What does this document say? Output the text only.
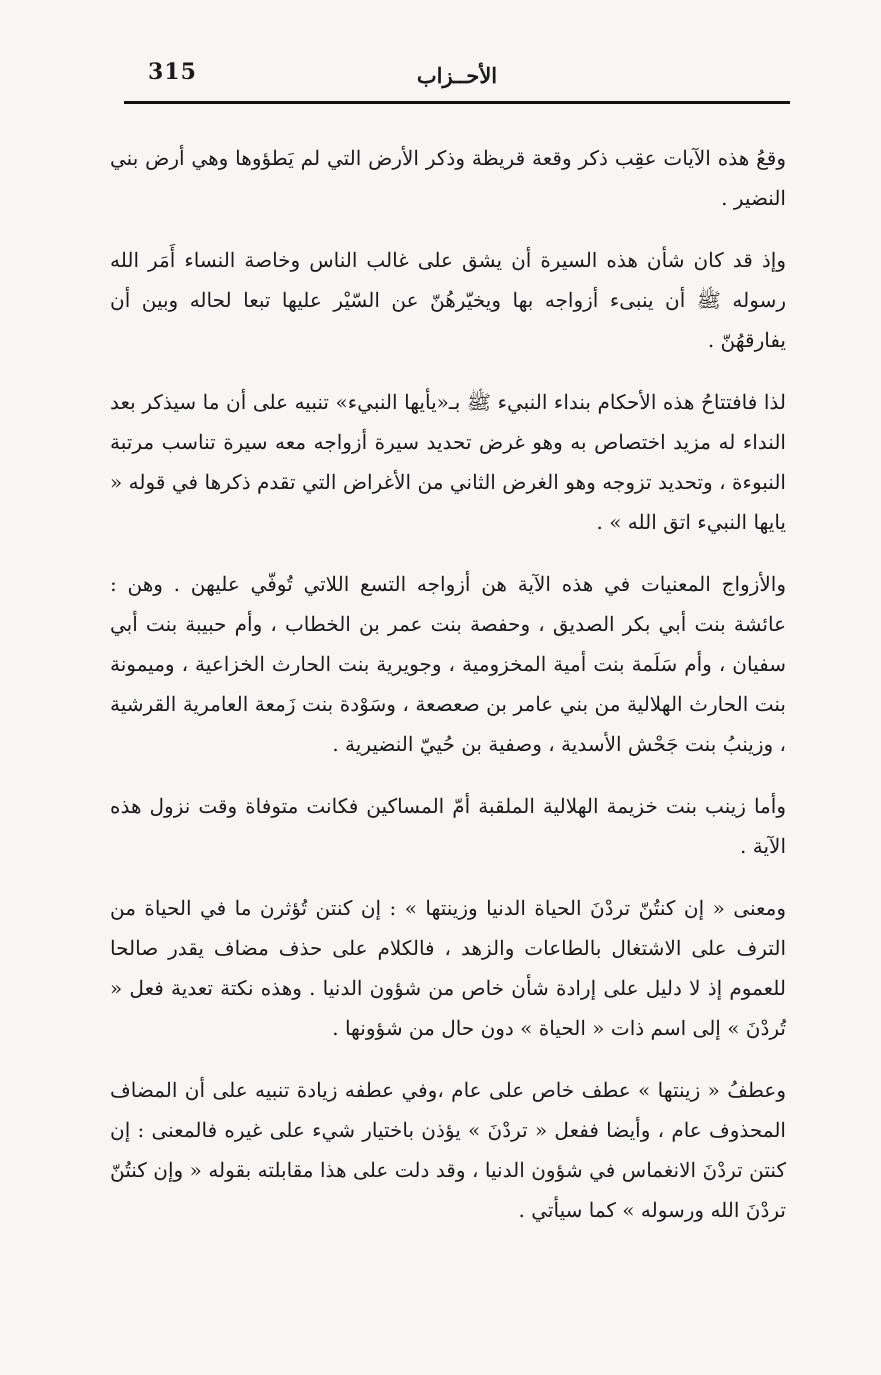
315	الأحــزاب

وقعُ هذه الآيات عقِب ذكر وقعة قريظة وذكر الأرض التي لم يَطؤوها وهي أرض بني النضير .

وإذ قد كان شأن هذه السيرة أن يشق على غالب الناس وخاصة النساء أَمَر الله رسوله ﷺ أن ينبىء أزواجه بها ويخيّرهُنّ عن السّيْر عليها تبعا لحاله وبين أن يفارقهُنّ .

لذا فافتتاحُ هذه الأحكام بنداء النبيء ﷺ بـ«يأيها النبيء» تنبيه على أن ما سيذكر بعد النداء له مزيد اختصاص به وهو غرض تحديد سيرة أزواجه معه سيرة تناسب مرتبة النبوءة ، وتحديد تزوجه وهو الغرض الثاني من الأغراض التي تقدم ذكرها في قوله « يايها النبيء اتق الله » .

والأزواج المعنيات في هذه الآية هن أزواجه التسع اللاتي تُوفّي عليهن . وهن : عائشة بنت أبي بكر الصديق ، وحفصة بنت عمر بن الخطاب ، وأم حبيبة بنت أبي سفيان ، وأم سَلَمة بنت أمية المخزومية ، وجويرية بنت الحارث الخزاعية ، وميمونة بنت الحارث الهلالية من بني عامر بن صعصعة ، وسَوْدة بنت زَمعة العامرية القرشية ، وزينبُ بنت جَحْش الأسدية ، وصفية بن حُييّ النضيرية .

وأما زينب بنت خزيمة الهلالية الملقبة أمّ المساكين فكانت متوفاة وقت نزول هذه الآية .

ومعنى « إن كنتُنّ تردْنَ الحياة الدنيا وزينتها » : إن كنتن تُؤثرن ما في الحياة من الترف على الاشتغال بالطاعات والزهد ، فالكلام على حذف مضاف يقدر صالحا للعموم إذ لا دليل على إرادة شأن خاص من شؤون الدنيا . وهذه نكتة تعدية فعل « تُردْنَ » إلى اسم ذات « الحياة » دون حال من شؤونها .

وعطفُ « زينتها » عطف خاص على عام ،وفي عطفه زيادة تنبيه على أن المضاف المحذوف عام ، وأيضا ففعل « تردْنَ » يؤذن باختيار شيء على غيره فالمعنى : إن كنتن تردْنَ الانغماس في شؤون الدنيا ، وقد دلت على هذا مقابلته بقوله « وإن كنتُنّ تردْنَ الله ورسوله » كما سيأتي .
